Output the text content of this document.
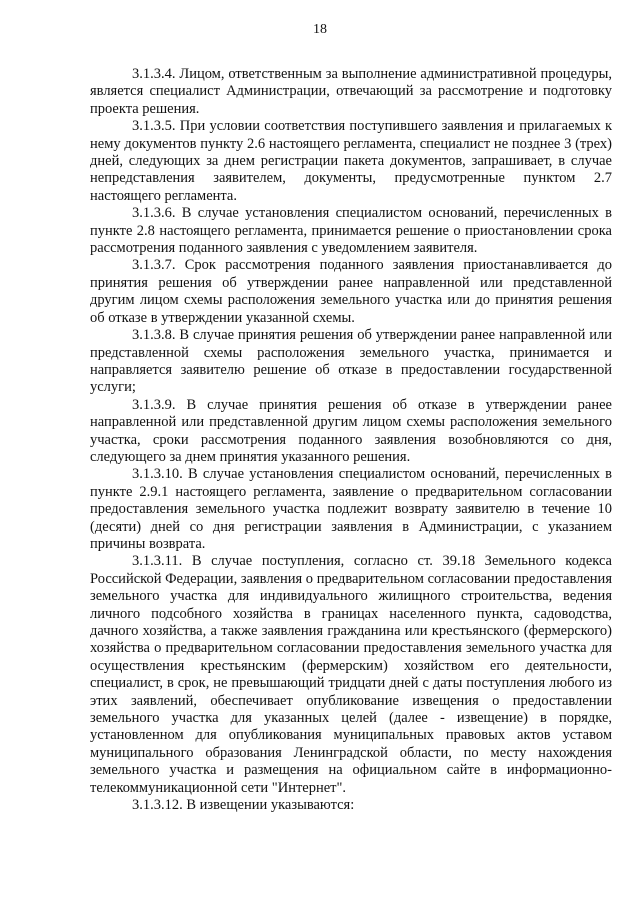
18

3.1.3.4. Лицом, ответственным за выполнение административной процедуры, является специалист Администрации, отвечающий за рассмотрение и подготовку проекта решения.

3.1.3.5. При условии соответствия поступившего заявления и прилагаемых к нему документов пункту 2.6 настоящего регламента, специалист не позднее 3 (трех) дней, следующих за днем регистрации пакета документов, запрашивает, в случае непредставления заявителем, документы, предусмотренные пунктом 2.7 настоящего регламента.

3.1.3.6. В случае установления специалистом оснований, перечисленных в пункте 2.8 настоящего регламента, принимается решение о приостановлении срока рассмотрения поданного заявления с уведомлением заявителя.

3.1.3.7. Срок рассмотрения поданного заявления приостанавливается до принятия решения об утверждении ранее направленной или представленной другим лицом схемы расположения земельного участка или до принятия решения об отказе в утверждении указанной схемы.

3.1.3.8. В случае принятия решения об утверждении ранее направленной или представленной схемы расположения земельного участка, принимается и направляется заявителю решение об отказе в предоставлении государственной услуги;

3.1.3.9. В случае принятия решения об отказе в утверждении ранее направленной или представленной другим лицом схемы расположения земельного участка, сроки рассмотрения поданного заявления возобновляются со дня, следующего за днем принятия указанного решения.

3.1.3.10. В случае установления специалистом оснований, перечисленных в пункте 2.9.1 настоящего регламента, заявление о предварительном согласовании предоставления земельного участка подлежит возврату заявителю в течение 10 (десяти) дней со дня регистрации заявления в Администрации, с указанием причины возврата.

3.1.3.11. В случае поступления, согласно ст. 39.18 Земельного кодекса Российской Федерации, заявления о предварительном согласовании предоставления земельного участка для индивидуального жилищного строительства, ведения личного подсобного хозяйства в границах населенного пункта, садоводства, дачного хозяйства, а также заявления гражданина или крестьянского (фермерского) хозяйства о предварительном согласовании предоставления земельного участка для осуществления крестьянским (фермерским) хозяйством его деятельности, специалист, в срок, не превышающий тридцати дней с даты поступления любого из этих заявлений, обеспечивает опубликование извещения о предоставлении земельного участка для указанных целей (далее - извещение) в порядке, установленном для опубликования муниципальных правовых актов уставом муниципального образования Ленинградской области, по месту нахождения земельного участка и размещения на официальном сайте в информационно-телекоммуникационной сети "Интернет".

3.1.3.12. В извещении указываются:
